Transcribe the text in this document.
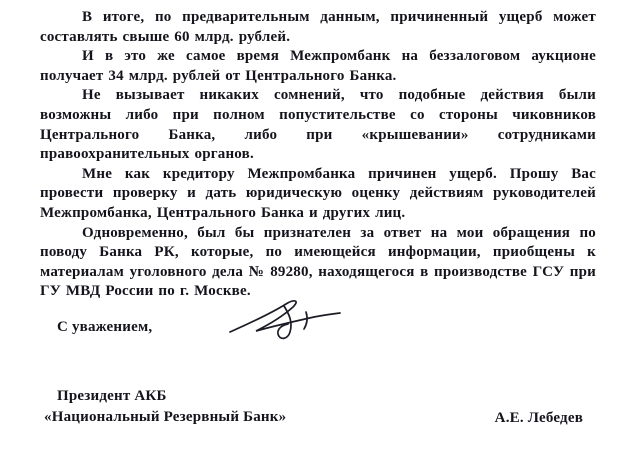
В итоге, по предварительным данным, причиненный ущерб может составлять свыше 60 млрд. рублей.

И в это же самое время Межпромбанк на беззалоговом аукционе получает 34 млрд. рублей от Центрального Банка.

Не вызывает никаких сомнений, что подобные действия были возможны либо при полном попустительстве со стороны чиковников Центрального Банка, либо при «крышевании» сотрудниками правоохранительных органов.

Мне как кредитору Межпромбанка причинен ущерб. Прошу Вас провести проверку и дать юридическую оценку действиям руководителей Межпромбанка, Центрального Банка и других лиц.

Одновременно, был бы признателен за ответ на мои обращения по поводу Банка РК, которые, по имеющейся информации, приобщены к материалам уголовного дела № 89280, находящегося в производстве ГСУ при ГУ МВД России по г. Москве.

С уважением,
Президент АКБ
«Национальный Резервный Банк»	А.Е. Лебедев
